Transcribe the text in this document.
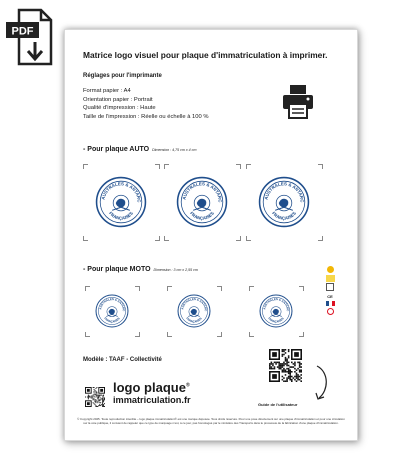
PDF
Matrice logo visuel pour plaque d'immatriculation à imprimer.
Réglages pour l'imprimante
Format papier : A4
Orientation papier : Portrait
Qualité d'impression : Haute
Taille de l'impression : Réelle ou échelle à 100 %
- Pour plaque AUTO Dimension : 4,75 cm x 4 cm
- Pour plaque MOTO Dimension : 3 cm x 2,55 cm
CE
Modèle : TAAF - Collectivité
logo plaque®
immatriculation.fr	Guide de l'utilisateur
© Copyright 2025. Toute reproduction interdite – logo plaque immatriculation® est une marque déposée. Tous droits réservés. Pour une pose directement sur une plaque d'immatriculation et pour une circulation sur la voie publique, il convient de rappeler que ce type de marquage n'est, à ce jour, pas homologué par le ministère des Transports dans le processus de la fabrication d'une plaque d'immatriculation.
AUSTRALES & ANTARC
FRANÇAISES
AUSTRALES & ANTARC
FRANÇAISES
AUSTRALES & ANTARC
FRANÇAISES
AUSTRALES & ANTARC
FRANÇAISES
AUSTRALES & ANTARC
FRANÇAISES
AUSTRALES & ANTARC
FRANÇAISES
